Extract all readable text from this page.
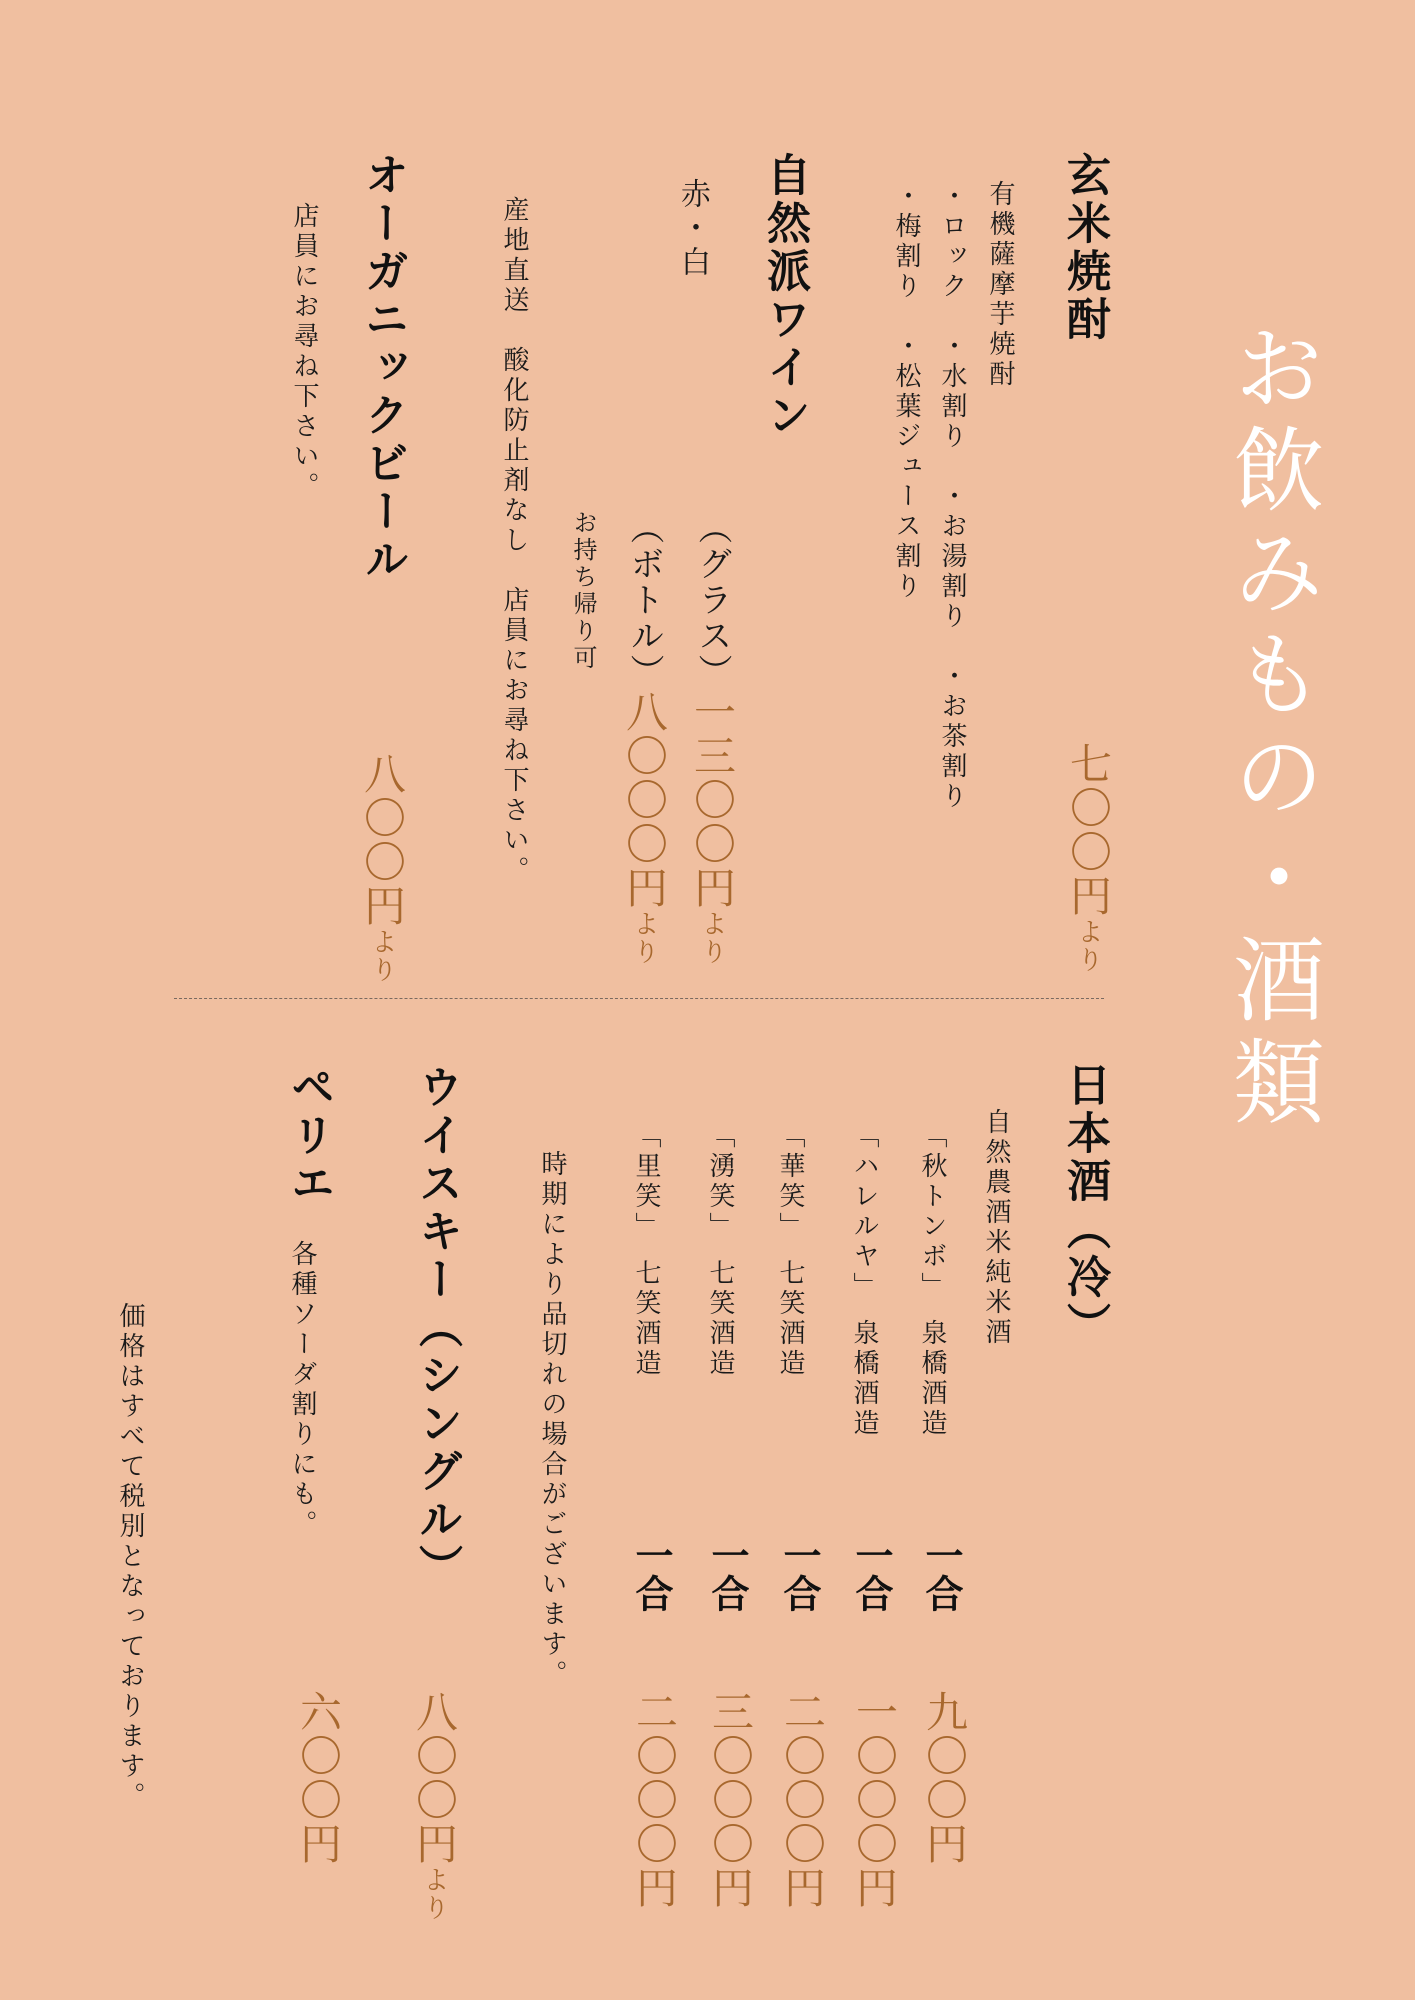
お飲みもの・酒類
玄米焼酎
有機薩摩芋焼酎
・ロック　・水割り　・お湯割り　・お茶割り
・梅割り　・松葉ジュース割り
七〇〇円より
自然派ワイン
赤・白
（グラス）一三〇〇円より
（ボトル）八〇〇〇円より
お持ち帰り可
産地直送　酸化防止剤なし　店員にお尋ね下さい。
オーガニックビール
店員にお尋ね下さい。
八〇〇円より
日本酒（冷）
自然農酒米純米酒
「秋トンボ」　泉橋酒造
「ハレルヤ」　泉橋酒造
「華笑」　七笑酒造
「湧笑」　七笑酒造
「里笑」　七笑酒造
一合
一合
一合
一合
一合
九〇〇円
一〇〇〇円
二〇〇〇円
三〇〇〇円
二〇〇〇円
時期により品切れの場合がございます。
ウイスキー（シングル）
八〇〇円より
ペリエ
各種ソーダ割りにも。
六〇〇円
価格はすべて税別となっております。
